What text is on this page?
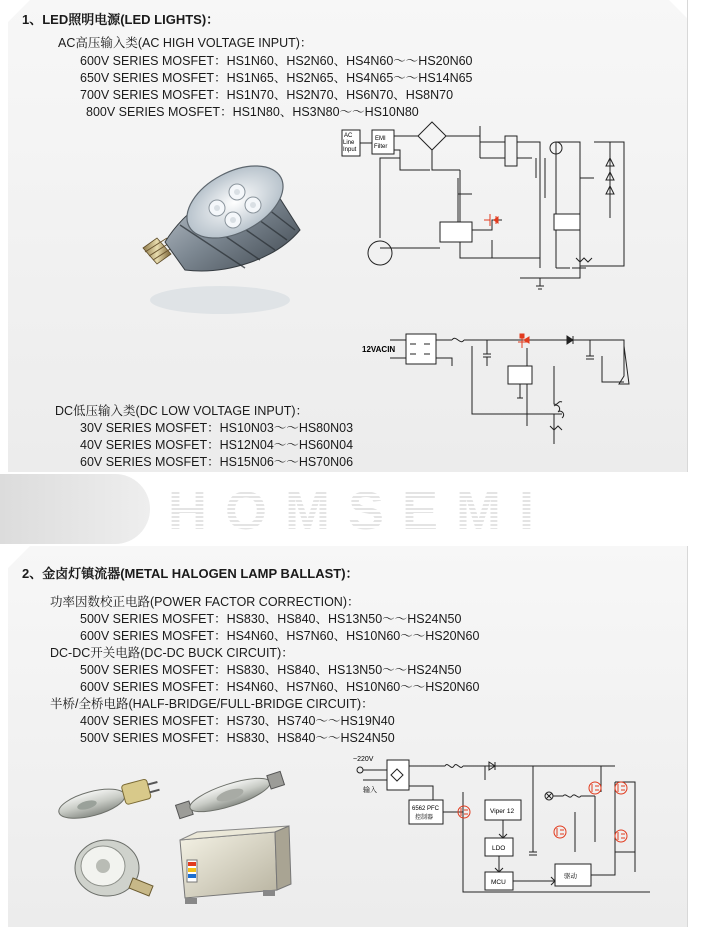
1、LED照明电源(LED LIGHTS)：
AC高压输入类(AC HIGH VOLTAGE INPUT)：
600V SERIES MOSFET：HS1N60、HS2N60、HS4N60～～HS20N60
650V SERIES MOSFET：HS1N65、HS2N65、HS4N65～～HS14N65
700V SERIES MOSFET：HS1N70、HS2N70、HS6N70、HS8N70
800V SERIES MOSFET：HS1N80、HS3N80～～HS10N80
AC
Line
Input
EMI
Filter
12VACIN
DC低压输入类(DC LOW VOLTAGE INPUT)：
30V SERIES MOSFET：HS10N03～～HS80N03
40V SERIES MOSFET：HS12N04～～HS60N04
60V SERIES MOSFET：HS15N06～～HS70N06
HOMSEMI
2、金卤灯镇流器(METAL HALOGEN LAMP BALLAST)：
功率因数校正电路(POWER FACTOR CORRECTION)：
500V SERIES MOSFET：HS830、HS840、HS13N50～～HS24N50
600V SERIES MOSFET：HS4N60、HS7N60、HS10N60～～HS20N60
DC-DC开关电路(DC-DC BUCK CIRCUIT)：
500V SERIES MOSFET：HS830、HS840、HS13N50～～HS24N50
600V SERIES MOSFET：HS4N60、HS7N60、HS10N60～～HS20N60
半桥/全桥电路(HALF-BRIDGE/FULL-BRIDGE CIRCUIT)：
400V SERIES MOSFET：HS730、HS740～～HS19N40
500V SERIES MOSFET：HS830、HS840～～HS24N50
~220V
输入
6562 PFC
控制器
Viper 12
LDO
MCU
驱动
